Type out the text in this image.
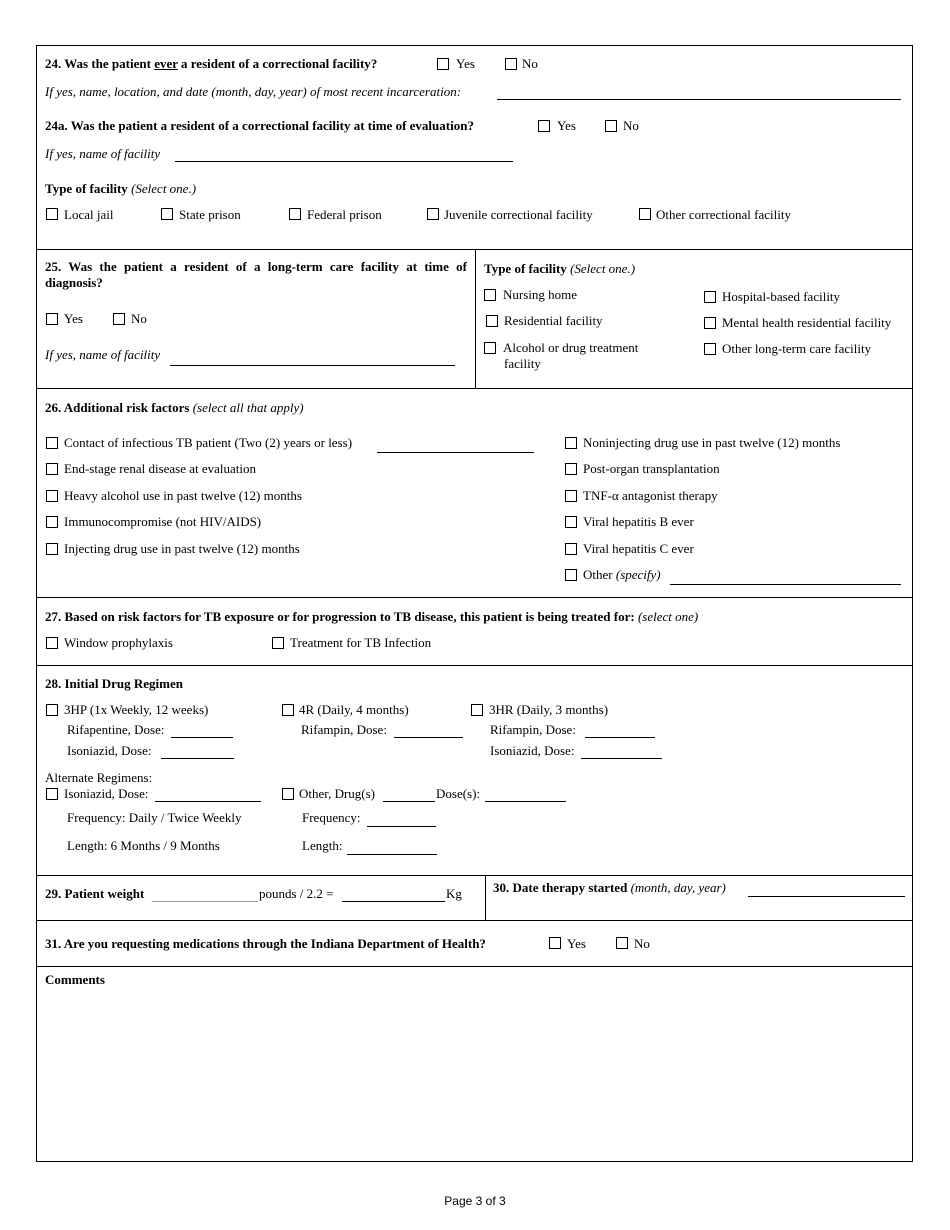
24. Was the patient ever a resident of a correctional facility?	Yes	No
If yes, name, location, and date (month, day, year) of most recent incarceration:
24a. Was the patient a resident of a correctional facility at time of evaluation?	Yes	No
If yes, name of facility
Type of facility (Select one.)
Local jail	State prison	Federal prison	Juvenile correctional facility	Other correctional facility
25. Was the patient a resident of a long-term care facility at time of
diagnosis?
Yes	No
If yes, name of facility
Type of facility (Select one.)
Nursing home
Residential facility
Alcohol or drug treatment
facility
Hospital-based facility
Mental health residential facility
Other long-term care facility
26. Additional risk factors (select all that apply)
Contact of infectious TB patient (Two (2) years or less)
End-stage renal disease at evaluation
Heavy alcohol use in past twelve (12) months
Immunocompromise (not HIV/AIDS)
Injecting drug use in past twelve (12) months
Noninjecting drug use in past twelve (12) months
Post-organ transplantation
TNF-α antagonist therapy
Viral hepatitis B ever
Viral hepatitis C ever
Other (specify)
27. Based on risk factors for TB exposure or for progression to TB disease, this patient is being treated for: (select one)
Window prophylaxis	Treatment for TB Infection
28. Initial Drug Regimen
3HP (1x Weekly, 12 weeks)
Rifapentine, Dose:
Isoniazid, Dose:
4R (Daily, 4 months)
Rifampin, Dose:
3HR (Daily, 3 months)
Rifampin, Dose:
Isoniazid, Dose:
Alternate Regimens:
Isoniazid, Dose:
Frequency: Daily / Twice Weekly
Length: 6 Months / 9 Months
Other, Drug(s)	Dose(s):
Frequency:
Length:
29. Patient weight	pounds / 2.2 =	Kg 30. Date therapy started (month, day, year)
31. Are you requesting medications through the Indiana Department of Health?	Yes	No
Comments
Page 3 of 3
